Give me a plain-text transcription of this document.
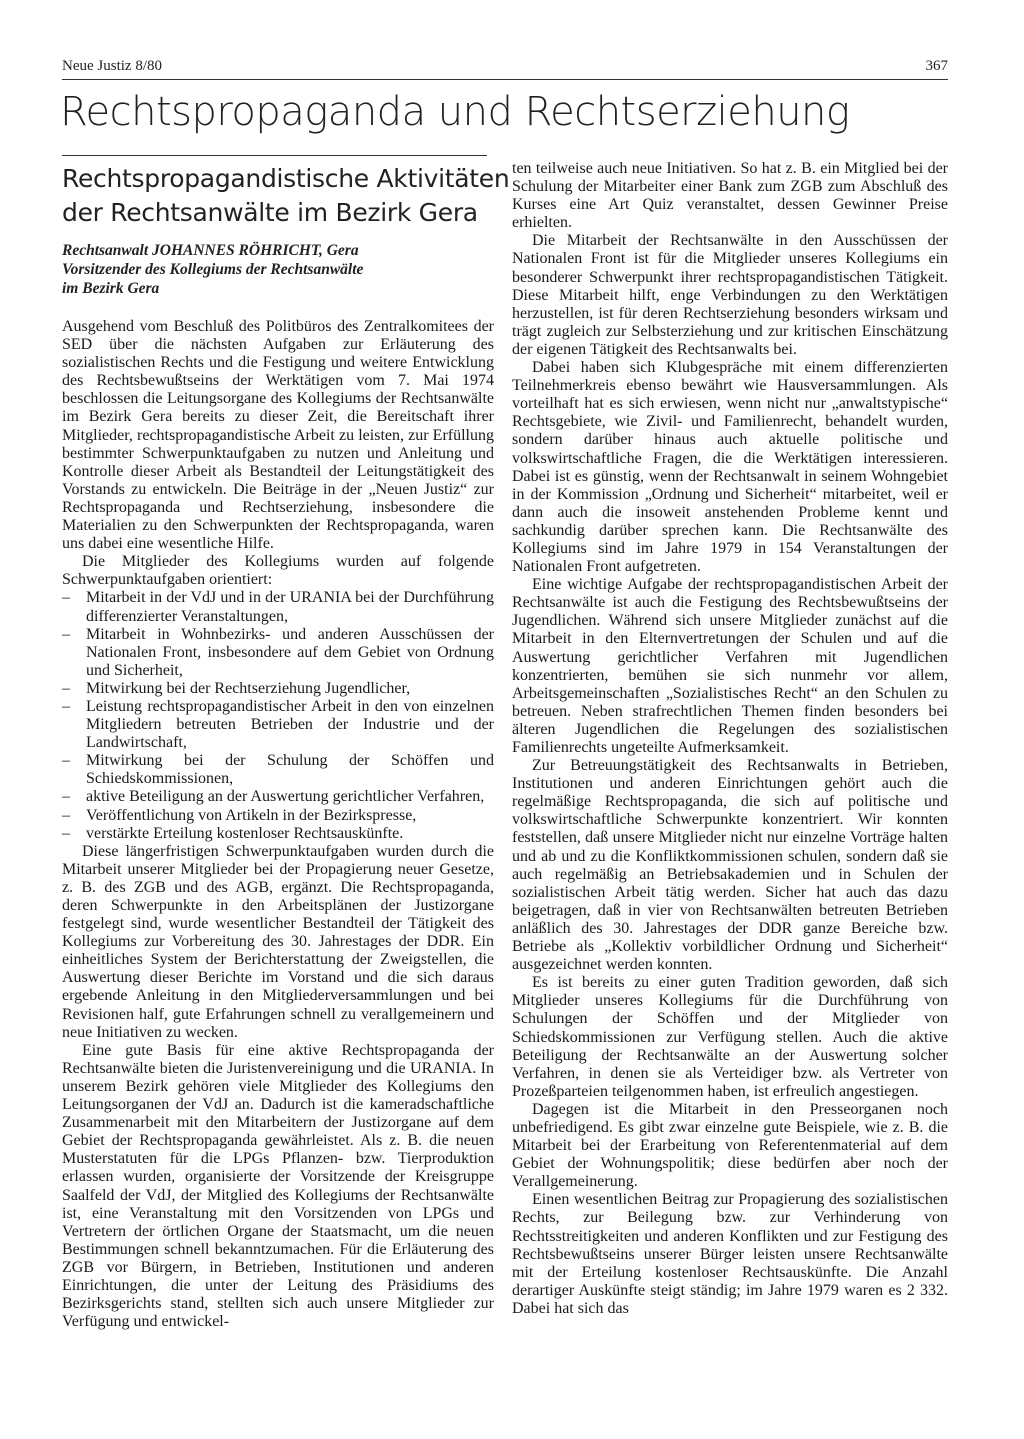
Neue Justiz 8/80	367
Rechtspropaganda und Rechtserziehung
Rechtspropagandistische Aktivitäten
der Rechtsanwälte im Bezirk Gera
Rechtsanwalt JOHANNES RÖHRICHT, Gera
Vorsitzender des Kollegiums der Rechtsanwälte
im Bezirk Gera

Ausgehend vom Beschluß des Politbüros des Zentralkomitees der SED über die nächsten Aufgaben zur Erläuterung des sozialistischen Rechts und die Festigung und weitere Entwicklung des Rechtsbewußtseins der Werktätigen vom 7. Mai 1974 beschlossen die Leitungsorgane des Kollegiums der Rechtsanwälte im Bezirk Gera bereits zu dieser Zeit, die Bereitschaft ihrer Mitglieder, rechtspropagandistische Arbeit zu leisten, zur Erfüllung bestimmter Schwerpunktaufgaben zu nutzen und Anleitung und Kontrolle dieser Arbeit als Bestandteil der Leitungstätigkeit des Vorstands zu entwickeln. Die Beiträge in der „Neuen Justiz“ zur Rechtspropaganda und Rechtserziehung, insbesondere die Materialien zu den Schwerpunkten der Rechtspropaganda, waren uns dabei eine wesentliche Hilfe.

Die Mitglieder des Kollegiums wurden auf folgende Schwerpunktaufgaben orientiert:

– Mitarbeit in der VdJ und in der URANIA bei der Durchführung differenzierter Veranstaltungen,
– Mitarbeit in Wohnbezirks- und anderen Ausschüssen der Nationalen Front, insbesondere auf dem Gebiet von Ordnung und Sicherheit,
– Mitwirkung bei der Rechtserziehung Jugendlicher,
– Leistung rechtspropagandistischer Arbeit in den von einzelnen Mitgliedern betreuten Betrieben der Industrie und der Landwirtschaft,
– Mitwirkung bei der Schulung der Schöffen und Schiedskommissionen,
– aktive Beteiligung an der Auswertung gerichtlicher Verfahren,
– Veröffentlichung von Artikeln in der Bezirkspresse,
– verstärkte Erteilung kostenloser Rechtsauskünfte.

Diese längerfristigen Schwerpunktaufgaben wurden durch die Mitarbeit unserer Mitglieder bei der Propagierung neuer Gesetze, z. B. des ZGB und des AGB, ergänzt. Die Rechtspropaganda, deren Schwerpunkte in den Arbeitsplänen der Justizorgane festgelegt sind, wurde wesentlicher Bestandteil der Tätigkeit des Kollegiums zur Vorbereitung des 30. Jahrestages der DDR. Ein einheitliches System der Berichterstattung der Zweigstellen, die Auswertung dieser Berichte im Vorstand und die sich daraus ergebende Anleitung in den Mitgliederversammlungen und bei Revisionen half, gute Erfahrungen schnell zu verallgemeinern und neue Initiativen zu wecken.

Eine gute Basis für eine aktive Rechtspropaganda der Rechtsanwälte bieten die Juristenvereinigung und die URANIA. In unserem Bezirk gehören viele Mitglieder des Kollegiums den Leitungsorganen der VdJ an. Dadurch ist die kameradschaftliche Zusammenarbeit mit den Mitarbeitern der Justizorgane auf dem Gebiet der Rechtspropaganda gewährleistet. Als z. B. die neuen Musterstatuten für die LPGs Pflanzen- bzw. Tierproduktion erlassen wurden, organisierte der Vorsitzende der Kreisgruppe Saalfeld der VdJ, der Mitglied des Kollegiums der Rechtsanwälte ist, eine Veranstaltung mit den Vorsitzenden von LPGs und Vertretern der örtlichen Organe der Staatsmacht, um die neuen Bestimmungen schnell bekanntzumachen. Für die Erläuterung des ZGB vor Bürgern, in Betrieben, Institutionen und anderen Einrichtungen, die unter der Leitung des Präsidiums des Bezirksgerichts stand, stellten sich auch unsere Mitglieder zur Verfügung und entwickel-

ten teilweise auch neue Initiativen. So hat z. B. ein Mitglied bei der Schulung der Mitarbeiter einer Bank zum ZGB zum Abschluß des Kurses eine Art Quiz veranstaltet, dessen Gewinner Preise erhielten.

Die Mitarbeit der Rechtsanwälte in den Ausschüssen der Nationalen Front ist für die Mitglieder unseres Kollegiums ein besonderer Schwerpunkt ihrer rechtspropagandistischen Tätigkeit. Diese Mitarbeit hilft, enge Verbindungen zu den Werktätigen herzustellen, ist für deren Rechtserziehung besonders wirksam und trägt zugleich zur Selbsterziehung und zur kritischen Einschätzung der eigenen Tätigkeit des Rechtsanwalts bei.

Dabei haben sich Klubgespräche mit einem differenzierten Teilnehmerkreis ebenso bewährt wie Hausversammlungen. Als vorteilhaft hat es sich erwiesen, wenn nicht nur „anwaltstypische“ Rechtsgebiete, wie Zivil- und Familienrecht, behandelt wurden, sondern darüber hinaus auch aktuelle politische und volkswirtschaftliche Fragen, die die Werktätigen interessieren. Dabei ist es günstig, wenn der Rechtsanwalt in seinem Wohngebiet in der Kommission „Ordnung und Sicherheit“ mitarbeitet, weil er dann auch die insoweit anstehenden Probleme kennt und sachkundig darüber sprechen kann. Die Rechtsanwälte des Kollegiums sind im Jahre 1979 in 154 Veranstaltungen der Nationalen Front aufgetreten.

Eine wichtige Aufgabe der rechtspropagandistischen Arbeit der Rechtsanwälte ist auch die Festigung des Rechtsbewußtseins der Jugendlichen. Während sich unsere Mitglieder zunächst auf die Mitarbeit in den Elternvertretungen der Schulen und auf die Auswertung gerichtlicher Verfahren mit Jugendlichen konzentrierten, bemühen sie sich nunmehr vor allem, Arbeitsgemeinschaften „Sozialistisches Recht“ an den Schulen zu betreuen. Neben strafrechtlichen Themen finden besonders bei älteren Jugendlichen die Regelungen des sozialistischen Familienrechts ungeteilte Aufmerksamkeit.

Zur Betreuungstätigkeit des Rechtsanwalts in Betrieben, Institutionen und anderen Einrichtungen gehört auch die regelmäßige Rechtspropaganda, die sich auf politische und volkswirtschaftliche Schwerpunkte konzentriert. Wir konnten feststellen, daß unsere Mitglieder nicht nur einzelne Vorträge halten und ab und zu die Konfliktkommissionen schulen, sondern daß sie auch regelmäßig an Betriebsakademien und in Schulen der sozialistischen Arbeit tätig werden. Sicher hat auch das dazu beigetragen, daß in vier von Rechtsanwälten betreuten Betrieben anläßlich des 30. Jahrestages der DDR ganze Bereiche bzw. Betriebe als „Kollektiv vorbildlicher Ordnung und Sicherheit“ ausgezeichnet werden konnten.

Es ist bereits zu einer guten Tradition geworden, daß sich Mitglieder unseres Kollegiums für die Durchführung von Schulungen der Schöffen und der Mitglieder von Schiedskommissionen zur Verfügung stellen. Auch die aktive Beteiligung der Rechtsanwälte an der Auswertung solcher Verfahren, in denen sie als Verteidiger bzw. als Vertreter von Prozeßparteien teilgenommen haben, ist erfreulich angestiegen.

Dagegen ist die Mitarbeit in den Presseorganen noch unbefriedigend. Es gibt zwar einzelne gute Beispiele, wie z. B. die Mitarbeit bei der Erarbeitung von Referentenmaterial auf dem Gebiet der Wohnungspolitik; diese bedürfen aber noch der Verallgemeinerung.

Einen wesentlichen Beitrag zur Propagierung des sozialistischen Rechts, zur Beilegung bzw. zur Verhinderung von Rechtsstreitigkeiten und anderen Konflikten und zur Festigung des Rechtsbewußtseins unserer Bürger leisten unsere Rechtsanwälte mit der Erteilung kostenloser Rechtsauskünfte. Die Anzahl derartiger Auskünfte steigt ständig; im Jahre 1979 waren es 2 332. Dabei hat sich das
